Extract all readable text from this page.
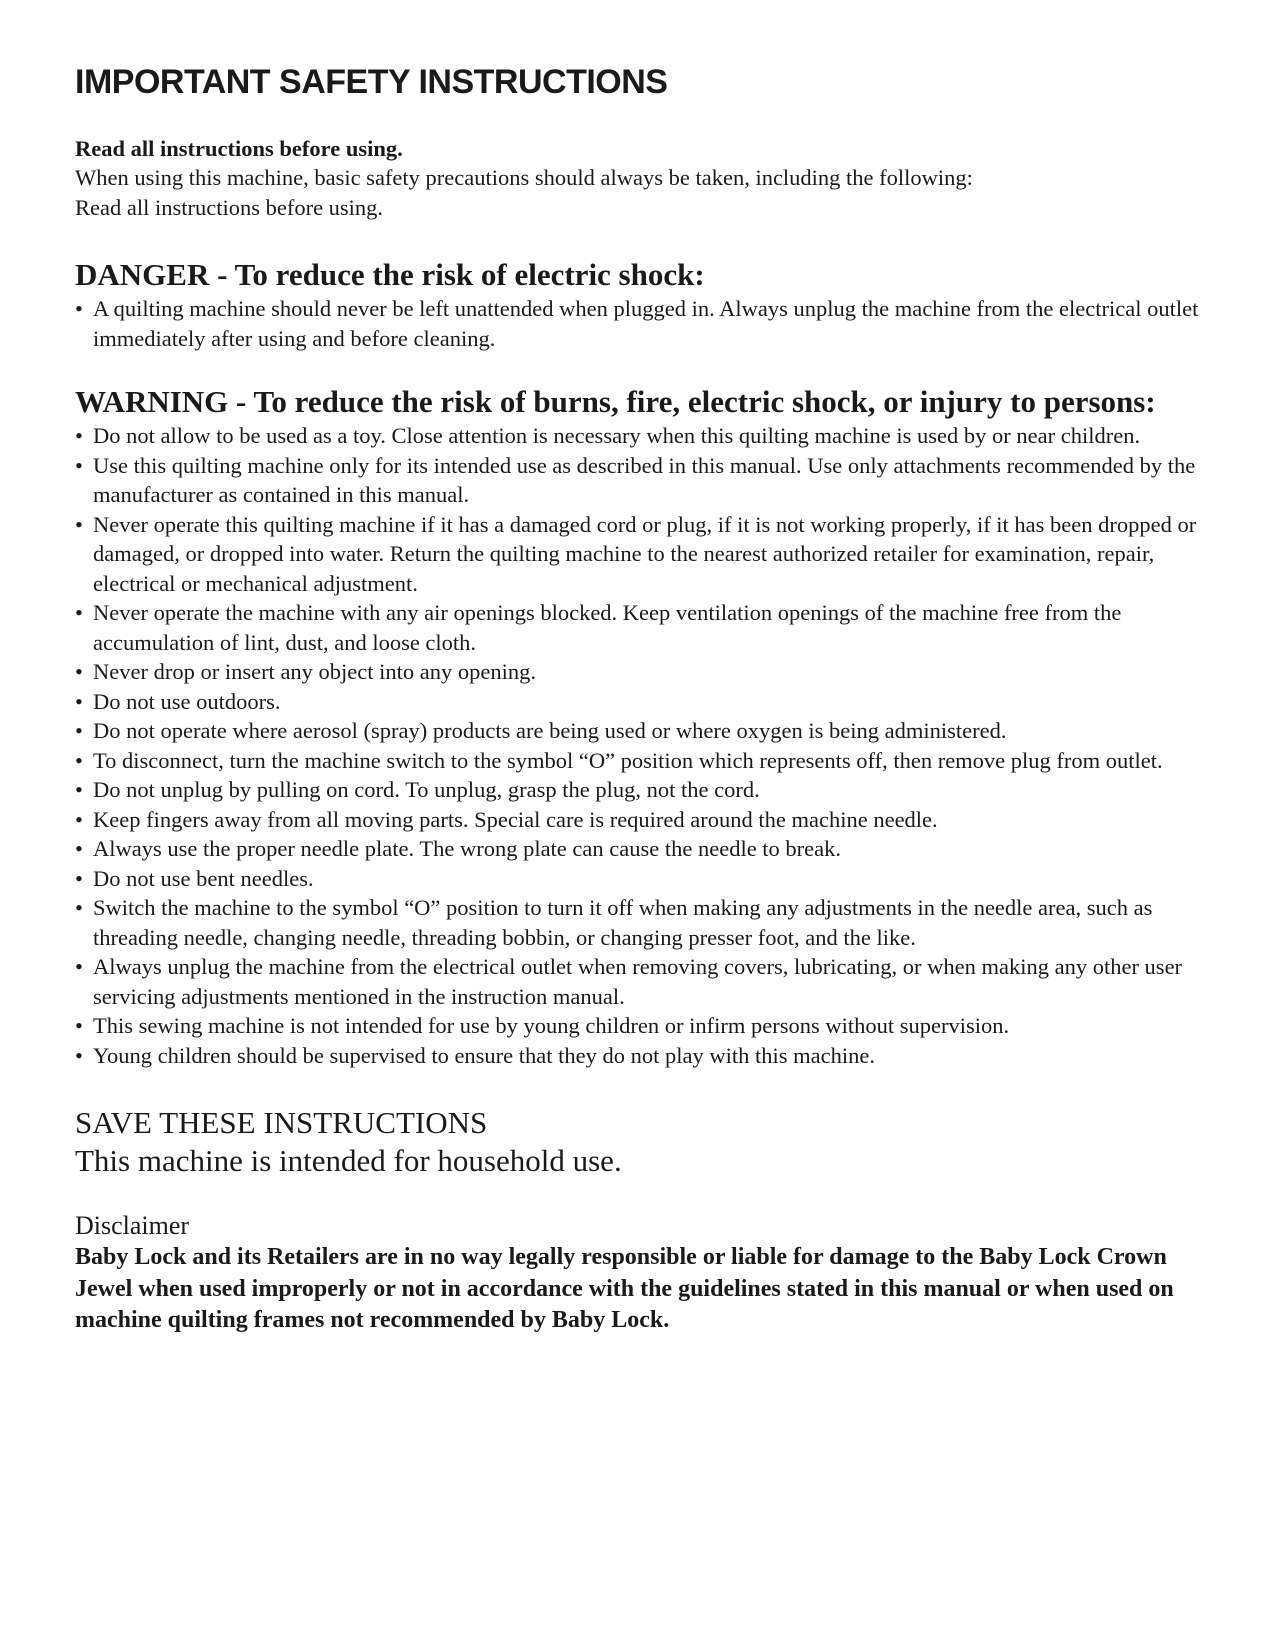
IMPORTANT SAFETY INSTRUCTIONS
Read all instructions before using.
When using this machine, basic safety precautions should always be taken, including the following:
Read all instructions before using.
DANGER - To reduce the risk of electric shock:
• A quilting machine should never be left unattended when plugged in. Always unplug the machine from the electrical outlet immediately after using and before cleaning.
WARNING - To reduce the risk of burns, fire, electric shock, or injury to persons:
• Do not allow to be used as a toy. Close attention is necessary when this quilting machine is used by or near children.
• Use this quilting machine only for its intended use as described in this manual. Use only attachments recommended by the manufacturer as contained in this manual.
• Never operate this quilting machine if it has a damaged cord or plug, if it is not working properly, if it has been dropped or damaged, or dropped into water. Return the quilting machine to the nearest authorized retailer for examination, repair, electrical or mechanical adjustment.
• Never operate the machine with any air openings blocked. Keep ventilation openings of the machine free from the accumulation of lint, dust, and loose cloth.
• Never drop or insert any object into any opening.
• Do not use outdoors.
• Do not operate where aerosol (spray) products are being used or where oxygen is being administered.
• To disconnect, turn the machine switch to the symbol “O” position which represents off, then remove plug from outlet.
• Do not unplug by pulling on cord. To unplug, grasp the plug, not the cord.
• Keep fingers away from all moving parts. Special care is required around the machine needle.
• Always use the proper needle plate. The wrong plate can cause the needle to break.
• Do not use bent needles.
• Switch the machine to the symbol “O” position to turn it off when making any adjustments in the needle area, such as threading needle, changing needle, threading bobbin, or changing presser foot, and the like.
• Always unplug the machine from the electrical outlet when removing covers, lubricating, or when making any other user servicing adjustments mentioned in the instruction manual.
• This sewing machine is not intended for use by young children or infirm persons without supervision.
• Young children should be supervised to ensure that they do not play with this machine.
SAVE THESE INSTRUCTIONS
This machine is intended for household use.
Disclaimer
Baby Lock and its Retailers are in no way legally responsible or liable for damage to the Baby Lock Crown Jewel when used improperly or not in accordance with the guidelines stated in this manual or when used on machine quilting frames not recommended by Baby Lock.
